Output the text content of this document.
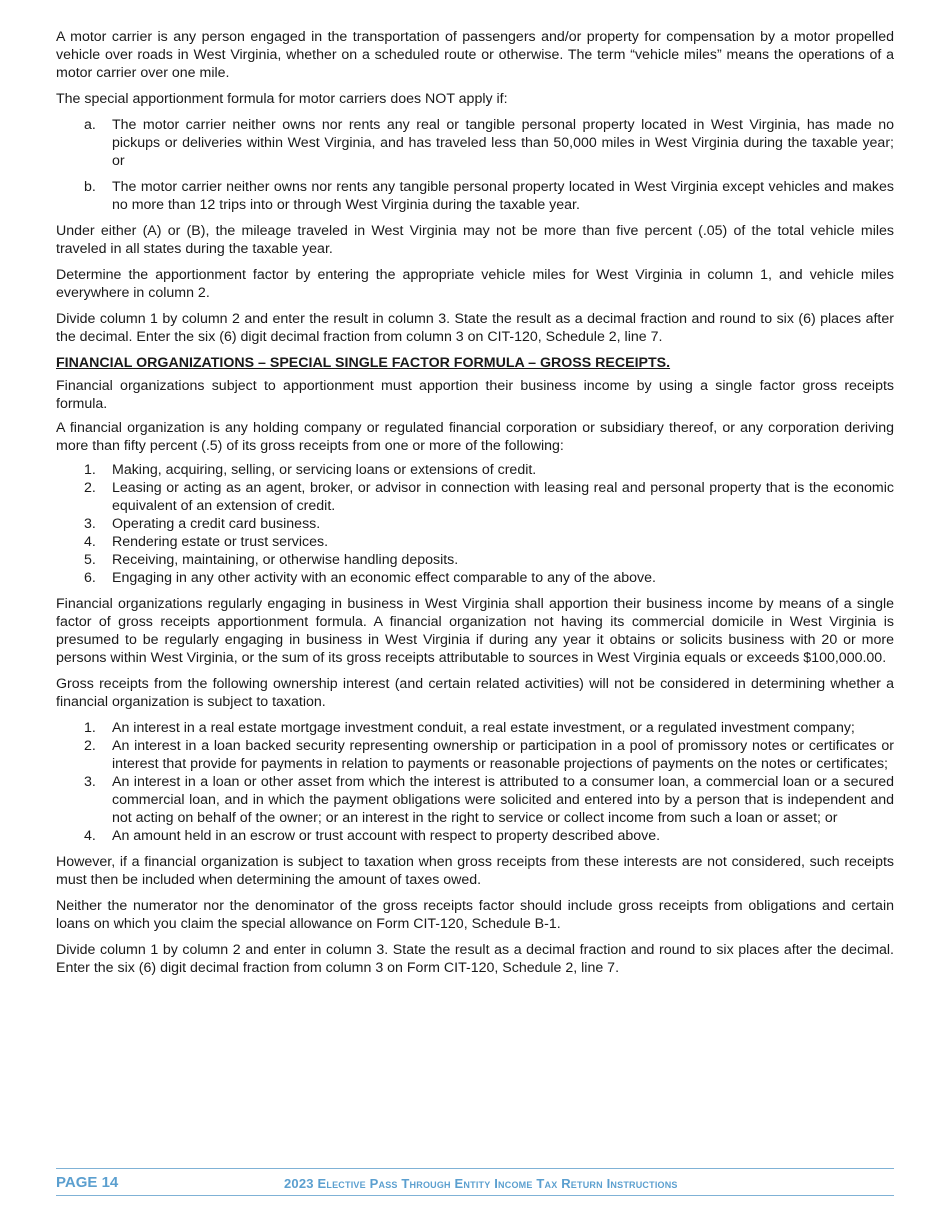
A motor carrier is any person engaged in the transportation of passengers and/or property for compensation by a motor propelled vehicle over roads in West Virginia, whether on a scheduled route or otherwise. The term “vehicle miles” means the operations of a motor carrier over one mile.

The special apportionment formula for motor carriers does NOT apply if:

a. The motor carrier neither owns nor rents any real or tangible personal property located in West Virginia, has made no pickups or deliveries within West Virginia, and has traveled less than 50,000 miles in West Virginia during the taxable year; or
b. The motor carrier neither owns nor rents any tangible personal property located in West Virginia except vehicles and makes no more than 12 trips into or through West Virginia during the taxable year.

Under either (A) or (B), the mileage traveled in West Virginia may not be more than five percent (.05) of the total vehicle miles traveled in all states during the taxable year.

Determine the apportionment factor by entering the appropriate vehicle miles for West Virginia in column 1, and vehicle miles everywhere in column 2.

Divide column 1 by column 2 and enter the result in column 3. State the result as a decimal fraction and round to six (6) places after the decimal. Enter the six (6) digit decimal fraction from column 3 on CIT-120, Schedule 2, line 7.

FINANCIAL ORGANIZATIONS – SPECIAL SINGLE FACTOR FORMULA – GROSS RECEIPTS.

Financial organizations subject to apportionment must apportion their business income by using a single factor gross receipts formula.

A financial organization is any holding company or regulated financial corporation or subsidiary thereof, or any corporation deriving more than fifty percent (.5) of its gross receipts from one or more of the following:

1. Making, acquiring, selling, or servicing loans or extensions of credit.
2. Leasing or acting as an agent, broker, or advisor in connection with leasing real and personal property that is the economic equivalent of an extension of credit.
3. Operating a credit card business.
4. Rendering estate or trust services.
5. Receiving, maintaining, or otherwise handling deposits.
6. Engaging in any other activity with an economic effect comparable to any of the above.

Financial organizations regularly engaging in business in West Virginia shall apportion their business income by means of a single factor of gross receipts apportionment formula. A financial organization not having its commercial domicile in West Virginia is presumed to be regularly engaging in business in West Virginia if during any year it obtains or solicits business with 20 or more persons within West Virginia, or the sum of its gross receipts attributable to sources in West Virginia equals or exceeds $100,000.00.

Gross receipts from the following ownership interest (and certain related activities) will not be considered in determining whether a financial organization is subject to taxation.

1. An interest in a real estate mortgage investment conduit, a real estate investment, or a regulated investment company;
2. An interest in a loan backed security representing ownership or participation in a pool of promissory notes or certificates or interest that provide for payments in relation to payments or reasonable projections of payments on the notes or certificates;
3. An interest in a loan or other asset from which the interest is attributed to a consumer loan, a commercial loan or a secured commercial loan, and in which the payment obligations were solicited and entered into by a person that is independent and not acting on behalf of the owner; or an interest in the right to service or collect income from such a loan or asset; or
4. An amount held in an escrow or trust account with respect to property described above.

However, if a financial organization is subject to taxation when gross receipts from these interests are not considered, such receipts must then be included when determining the amount of taxes owed.

Neither the numerator nor the denominator of the gross receipts factor should include gross receipts from obligations and certain loans on which you claim the special allowance on Form CIT-120, Schedule B-1.

Divide column 1 by column 2 and enter in column 3. State the result as a decimal fraction and round to six places after the decimal. Enter the six (6) digit decimal fraction from column 3 on Form CIT-120, Schedule 2, line 7.

PAGE 14	2023 Elective Pass Through Entity Income Tax Return Instructions
